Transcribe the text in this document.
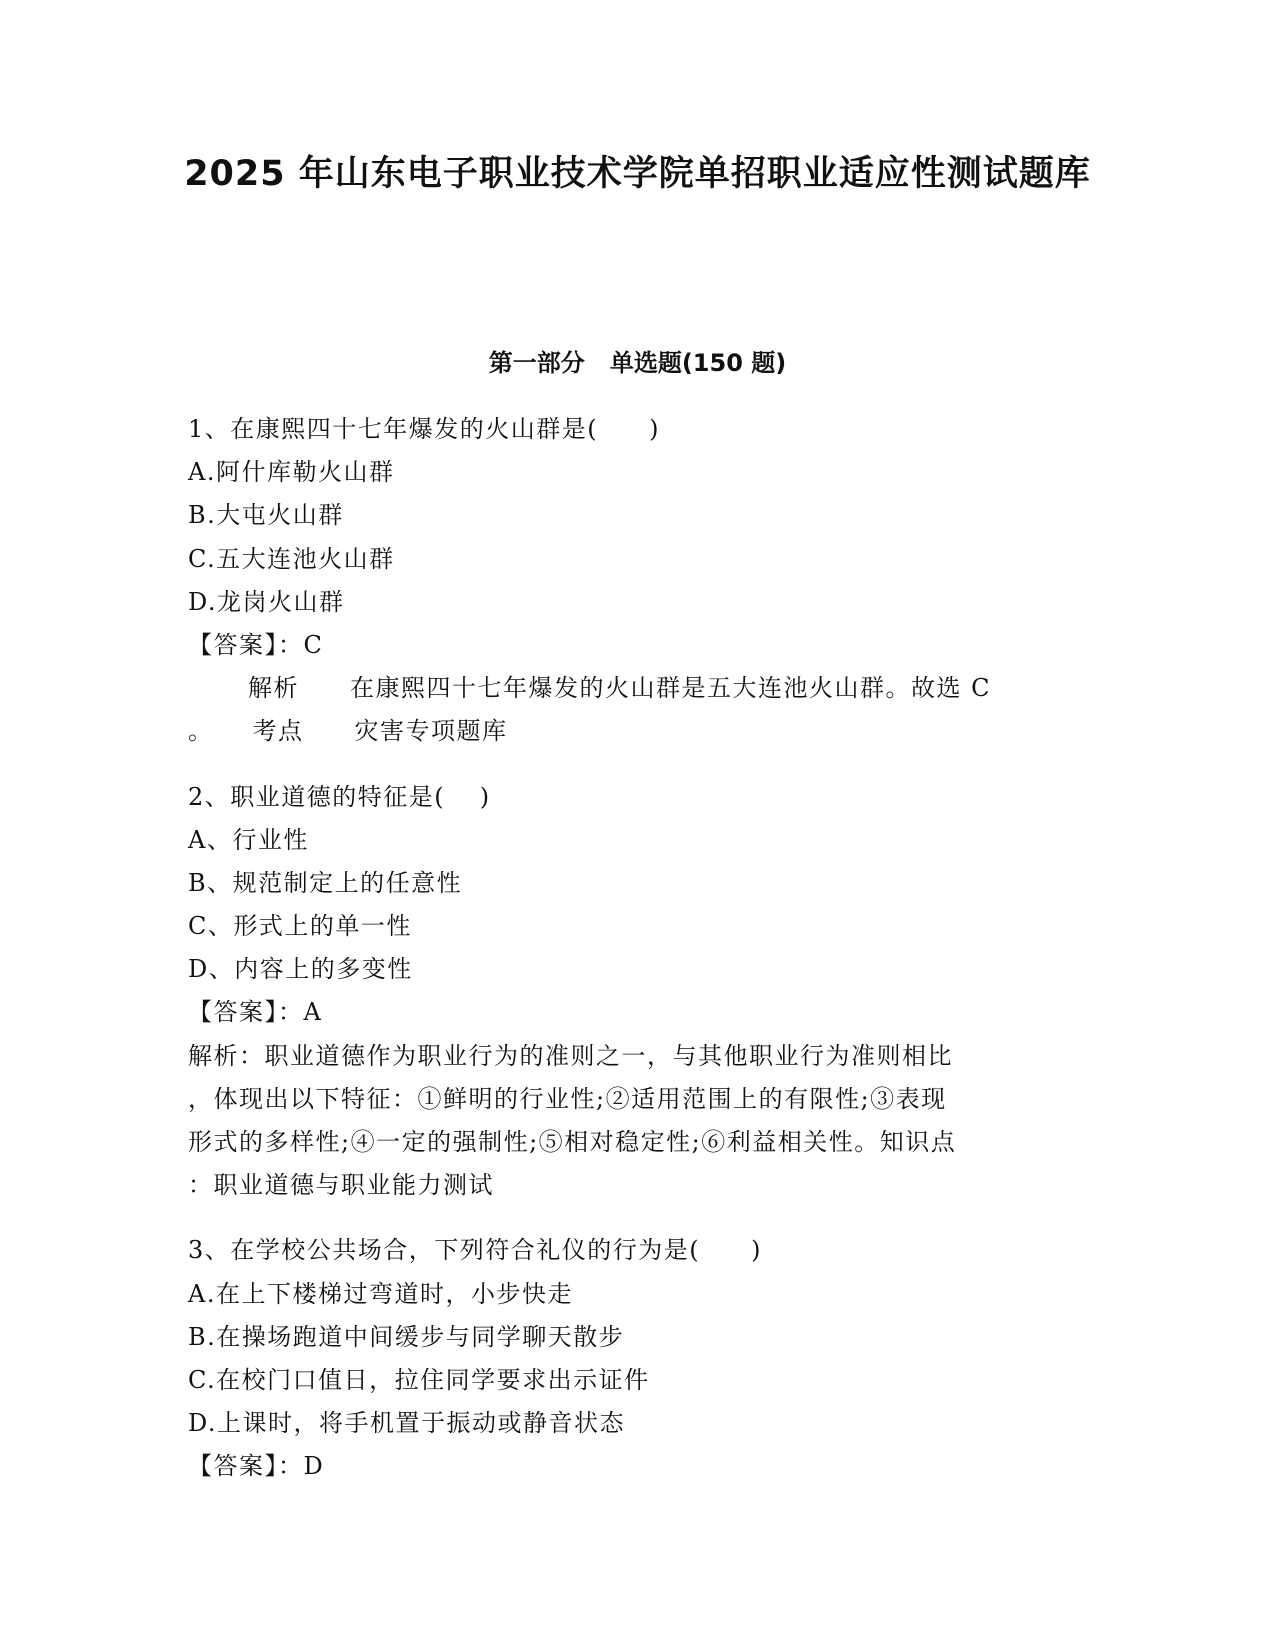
2025 年山东电子职业技术学院单招职业适应性测试题库
第一部分   单选题(150 题)
1、在康熙四十七年爆发的火山群是(　　)
A.阿什库勒火山群
B.大屯火山群
C.五大连池火山群
D.龙岗火山群
【答案】：C
解析　　在康熙四十七年爆发的火山群是五大连池火山群。故选 C
。　　考点　　灾害专项题库
2、职业道德的特征是(　 )
A、行业性
B、规范制定上的任意性
C、形式上的单一性
D、内容上的多变性
【答案】：A
解析：职业道德作为职业行为的准则之一，与其他职业行为准则相比
，体现出以下特征：①鲜明的行业性;②适用范围上的有限性;③表现
形式的多样性;④一定的强制性;⑤相对稳定性;⑥利益相关性。知识点
：职业道德与职业能力测试
3、在学校公共场合，下列符合礼仪的行为是(　　)
A.在上下楼梯过弯道时，小步快走
B.在操场跑道中间缓步与同学聊天散步
C.在校门口值日，拉住同学要求出示证件
D.上课时，将手机置于振动或静音状态
【答案】：D
